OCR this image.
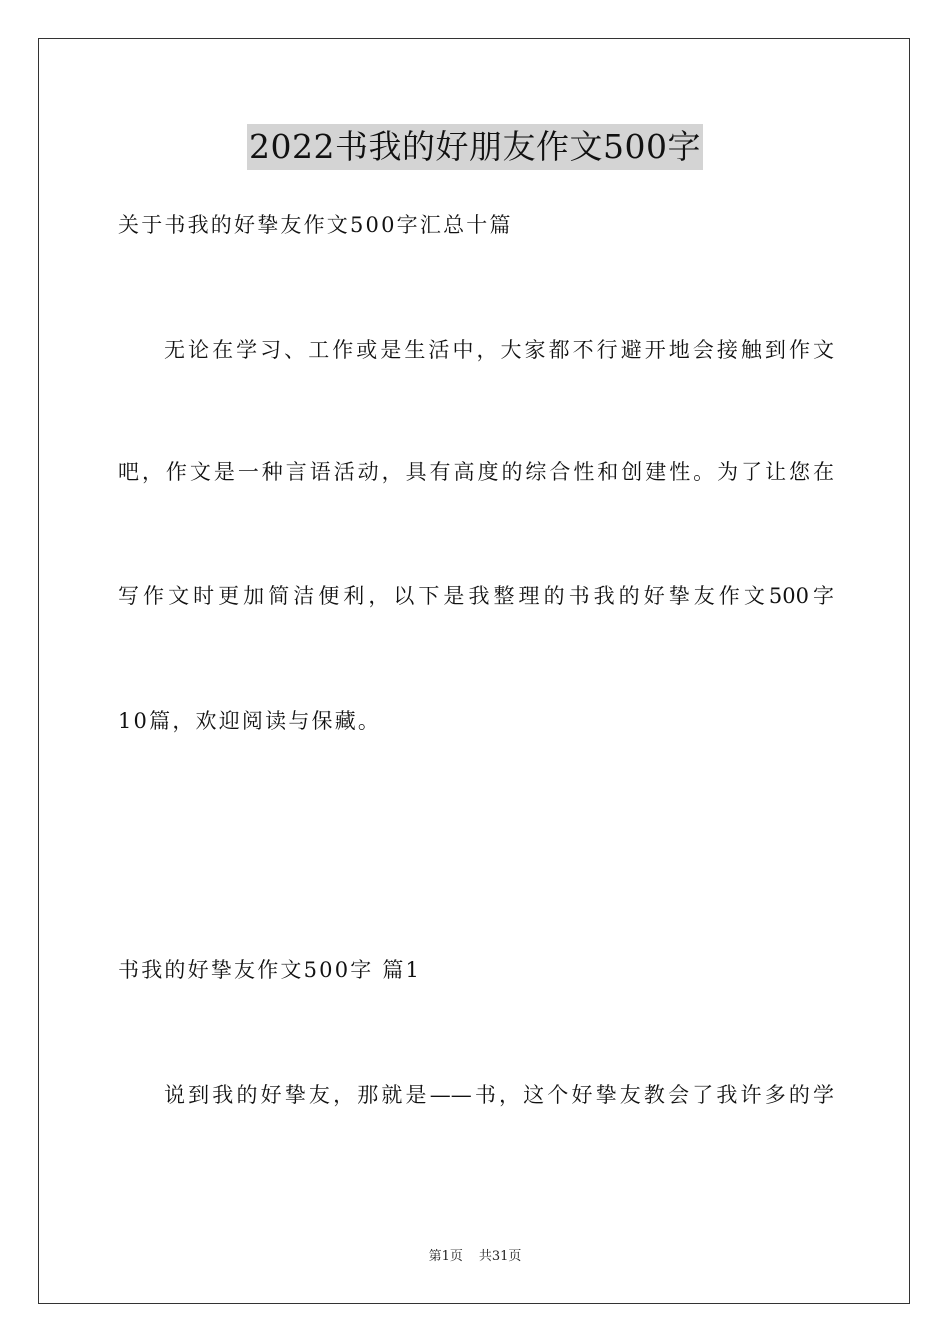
2022书我的好朋友作文500字
关于书我的好挚友作文500字汇总十篇
无论在学习、工作或是生活中，大家都不行避开地会接触到作文
吧，作文是一种言语活动，具有高度的综合性和创建性。为了让您在
写作文时更加简洁便利，以下是我整理的书我的好挚友作文500字
10篇，欢迎阅读与保藏。
书我的好挚友作文500字 篇1
说到我的好挚友，那就是——书，这个好挚友教会了我许多的学
第1页 共31页
